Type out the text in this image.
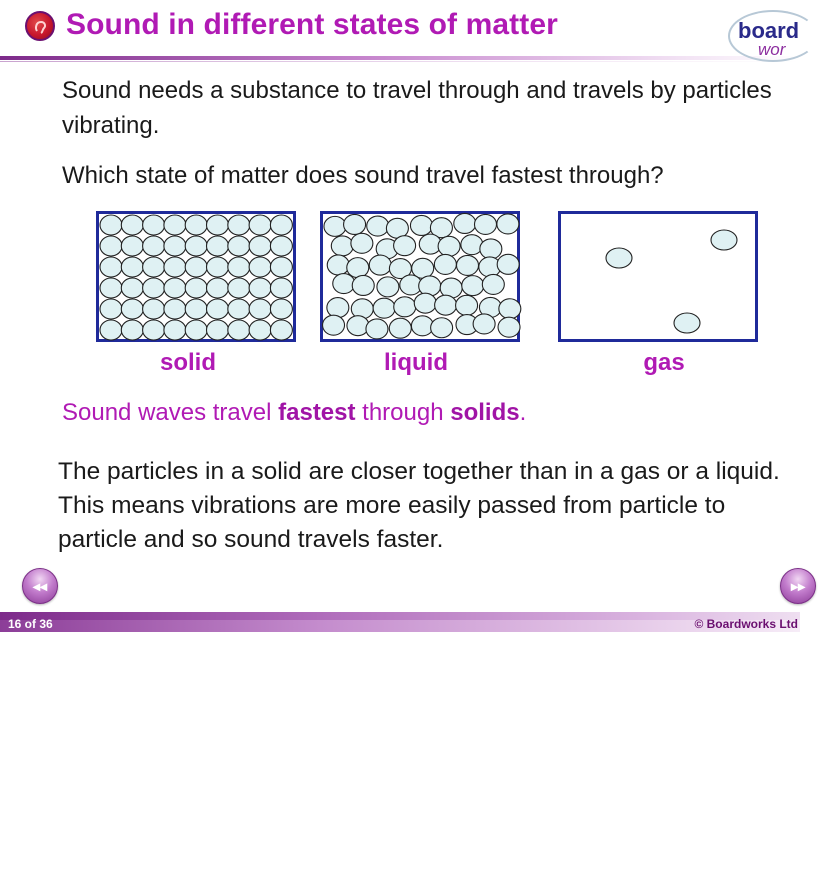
Sound in different states of matter	board
wor

Sound needs a substance to travel through and travels by particles vibrating.

Which state of matter does sound travel fastest through?

solid	liquid	gas

Sound waves travel fastest through solids.

The particles in a solid are closer together than in a gas or a liquid. This means vibrations are more easily passed from particle to particle and so sound travels faster.

◂◂	▸▸
16 of 36	© Boardworks Ltd
